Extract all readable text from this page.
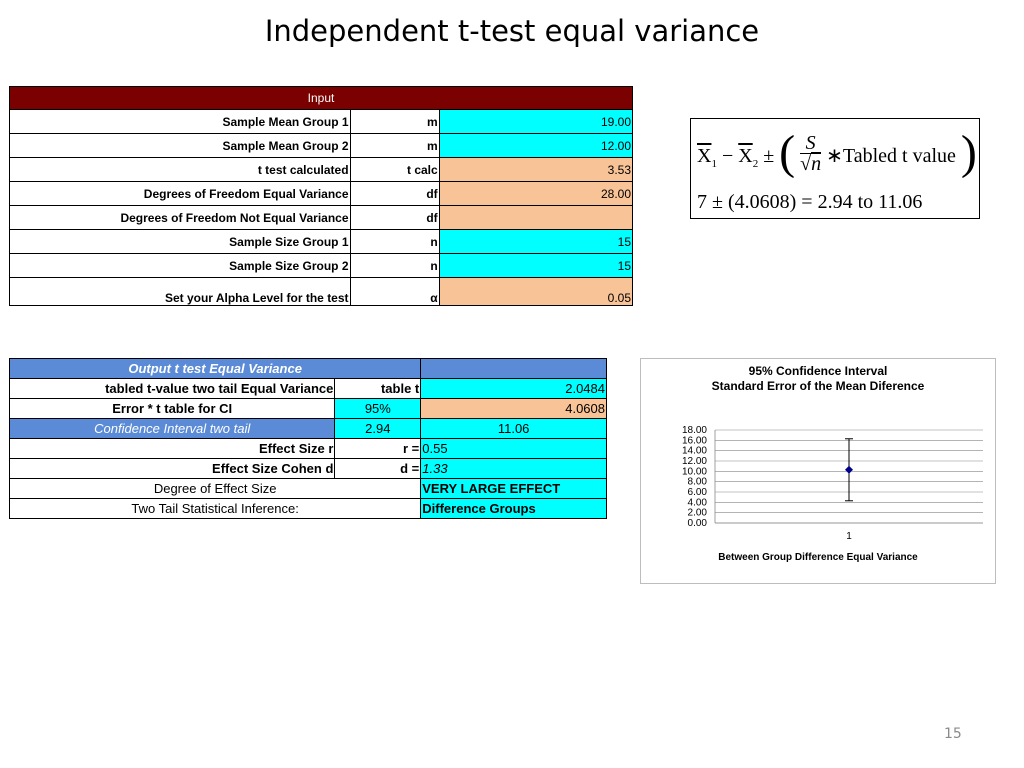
Independent t-test equal variance
Input		
Sample Mean Group 1	m	19.00
Sample Mean Group 2	m	12.00
t test calculated	t calc	3.53
Degrees of Freedom Equal Variance	df	28.00
Degrees of Freedom Not Equal Variance	df	
Sample Size Group 1	n	15
Sample Size Group 2	n	15
Set your Alpha Level for the test	α	0.05
$\overline{X}_1 - \overline{X}_2$ ± ( $\frac{S}{√n}$ ∗Tabled t value )
7 ± (4.0608) = 2.94 to 11.06
Output t test Equal Variance		
tabled t-value two tail Equal Variance	table t	2.0484
Error * t table for CI	95%	4.0608
Confidence Interval two tail	2.94	11.06
Effect Size r	r =	0.55
Effect Size Cohen d	d =	1.33
Degree of Effect Size		VERY LARGE EFFECT
Two Tail Statistical Inference:		Difference Groups
95% Confidence Interval
Standard Error of the Mean Diference
0.00
2.00
4.00
6.00
8.00
10.00
12.00
14.00
16.00
18.00
1
Between Group Difference Equal Variance
15
